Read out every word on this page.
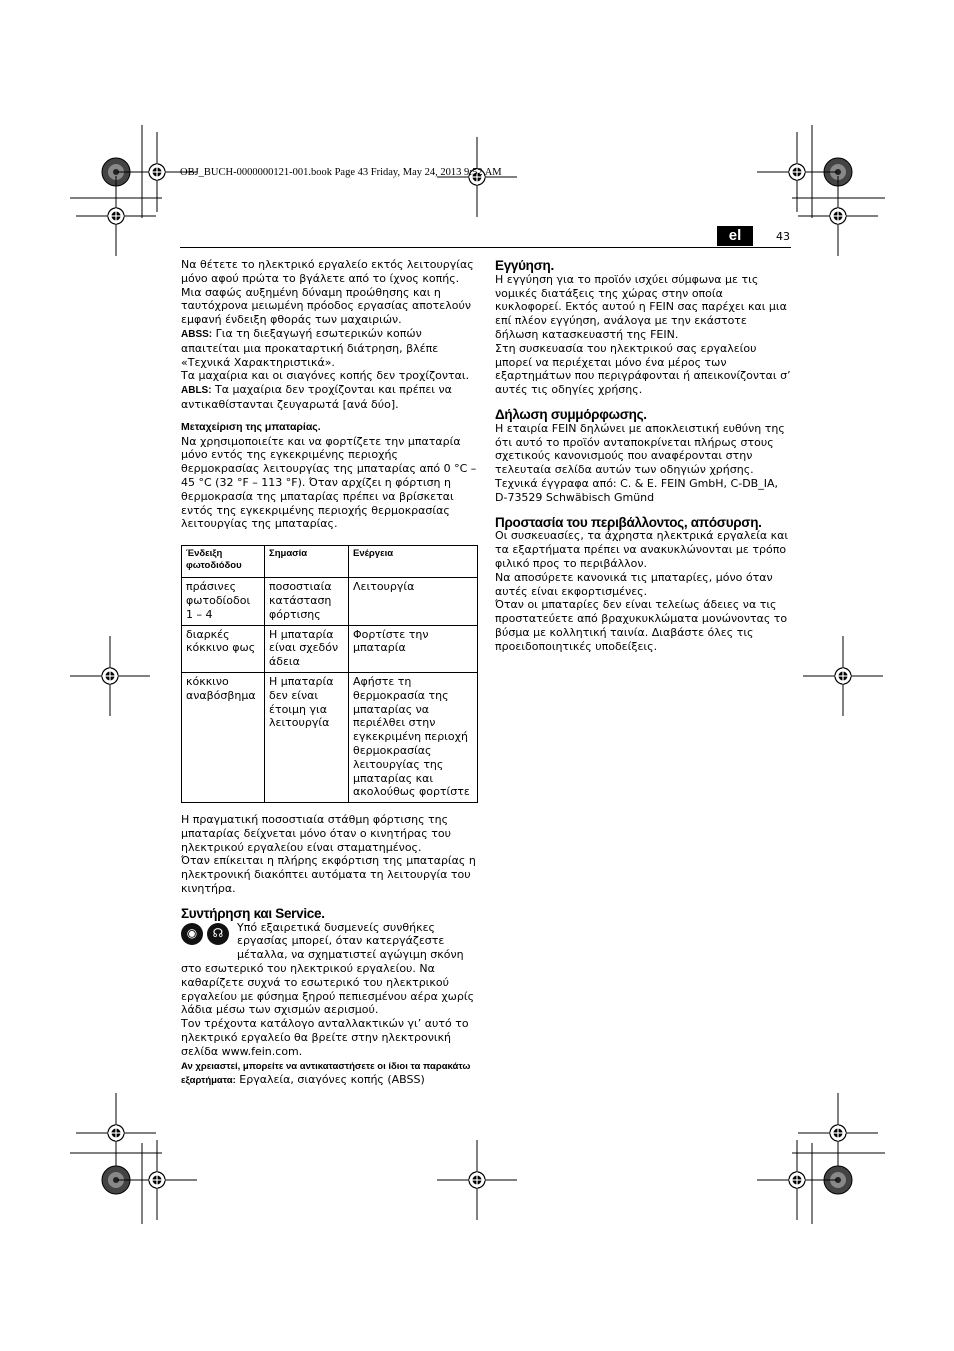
OBJ_BUCH-0000000121-001.book Page 43 Friday, May 24, 2013 9:52 AM
el	43

Να θέτετε το ηλεκτρικό εργαλείο εκτός λειτουργίας μόνο αφού πρώτα το βγάλετε από το ίχνος κοπής.

Μια σαφώς αυξημένη δύναμη προώθησης και η ταυτόχρονα μειωμένη πρόοδος εργασίας αποτελούν εμφανή ένδειξη φθοράς των μαχαιριών.

ABSS: Για τη διεξαγωγή εσωτερικών κοπών απαιτείται μια προκαταρτική διάτρηση, βλέπε «Τεχνικά Χαρακτηριστικά».

Τα μαχαίρια και οι σιαγόνες κοπής δεν τροχίζονται.

ABLS: Τα μαχαίρια δεν τροχίζονται και πρέπει να αντικαθίστανται ζευγαρωτά [ανά δύο].

Μεταχείριση της μπαταρίας.

Να χρησιμοποιείτε και να φορτίζετε την μπαταρία μόνο εντός της εγκεκριμένης περιοχής θερμοκρασίας λειτουργίας της μπαταρίας από 0 °C – 45 °C (32 °F – 113 °F). Όταν αρχίζει η φόρτιση η θερμοκρασία της μπαταρίας πρέπει να βρίσκεται εντός της εγκεκριμένης περιοχής θερμοκρασίας λειτουργίας της μπαταρίας.

Ένδειξη φωτοδιόδου	Σημασία	Ενέργεια
πράσινες φωτοδίοδοι 1 – 4	ποσοστιαία κατάσταση φόρτισης	Λειτουργία
διαρκές κόκκινο φως	Η μπαταρία είναι σχεδόν άδεια	Φορτίστε την μπαταρία
κόκκινο αναβόσβημα	Η μπαταρία δεν είναι έτοιμη για λειτουργία	Αφήστε τη θερμοκρασία της μπαταρίας να περιέλθει στην εγκεκριμένη περιοχή θερμοκρασίας λειτουργίας της μπαταρίας και ακολούθως φορτίστε

Η πραγματική ποσοστιαία στάθμη φόρτισης της μπαταρίας δείχνεται μόνο όταν ο κινητήρας του ηλεκτρικού εργαλείου είναι σταματημένος.

Όταν επίκειται η πλήρης εκφόρτιση της μπαταρίας η ηλεκτρονική διακόπτει αυτόματα τη λειτουργία του κινητήρα.

Συντήρηση και Service.

◉	☊	Υπό εξαιρετικά δυσμενείς συνθήκες εργασίας μπορεί, όταν κατεργάζεστε μέταλλα, να σχηματιστεί αγώγιμη σκόνη στο εσωτερικό του ηλεκτρικού εργαλείου. Να καθαρίζετε συχνά το εσωτερικό του ηλεκτρικού εργαλείου με φύσημα ξηρού πεπιεσμένου αέρα χωρίς λάδια μέσω των σχισμών αερισμού.

Τον τρέχοντα κατάλογο ανταλλακτικών γι’ αυτό το ηλεκτρικό εργαλείο θα βρείτε στην ηλεκτρονική σελίδα www.fein.com.

Αν χρειαστεί, μπορείτε να αντικαταστήσετε οι ίδιοι τα παρακάτω εξαρτήματα: Εργαλεία, σιαγόνες κοπής (ABSS)

Εγγύηση.

Η εγγύηση για το προϊόν ισχύει σύμφωνα με τις νομικές διατάξεις της χώρας στην οποία κυκλοφορεί. Εκτός αυτού η FEIN σας παρέχει και μια επί πλέον εγγύηση, ανάλογα με την εκάστοτε δήλωση κατασκευαστή της FEIN.

Στη συσκευασία του ηλεκτρικού σας εργαλείου μπορεί να περιέχεται μόνο ένα μέρος των εξαρτημάτων που περιγράφονται ή απεικονίζονται σ’ αυτές τις οδηγίες χρήσης.

Δήλωση συμμόρφωσης.

Η εταιρία FEIN δηλώνει με αποκλειστική ευθύνη της ότι αυτό το προϊόν ανταποκρίνεται πλήρως στους σχετικούς κανονισμούς που αναφέρονται στην τελευταία σελίδα αυτών των οδηγιών χρήσης.

Τεχνικά έγγραφα από: C. & E. FEIN GmbH, C-DB_IA, D-73529 Schwäbisch Gmünd

Προστασία του περιβάλλοντος, απόσυρση.

Οι συσκευασίες, τα άχρηστα ηλεκτρικά εργαλεία και τα εξαρτήματα πρέπει να ανακυκλώνονται με τρόπο φιλικό προς το περιβάλλον.

Να αποσύρετε κανονικά τις μπαταρίες, μόνο όταν αυτές είναι εκφορτισμένες.

Όταν οι μπαταρίες δεν είναι τελείως άδειες να τις προστατεύετε από βραχυκυκλώματα μονώνοντας το βύσμα με κολλητική ταινία. Διαβάστε όλες τις προειδοποιητικές υποδείξεις.
